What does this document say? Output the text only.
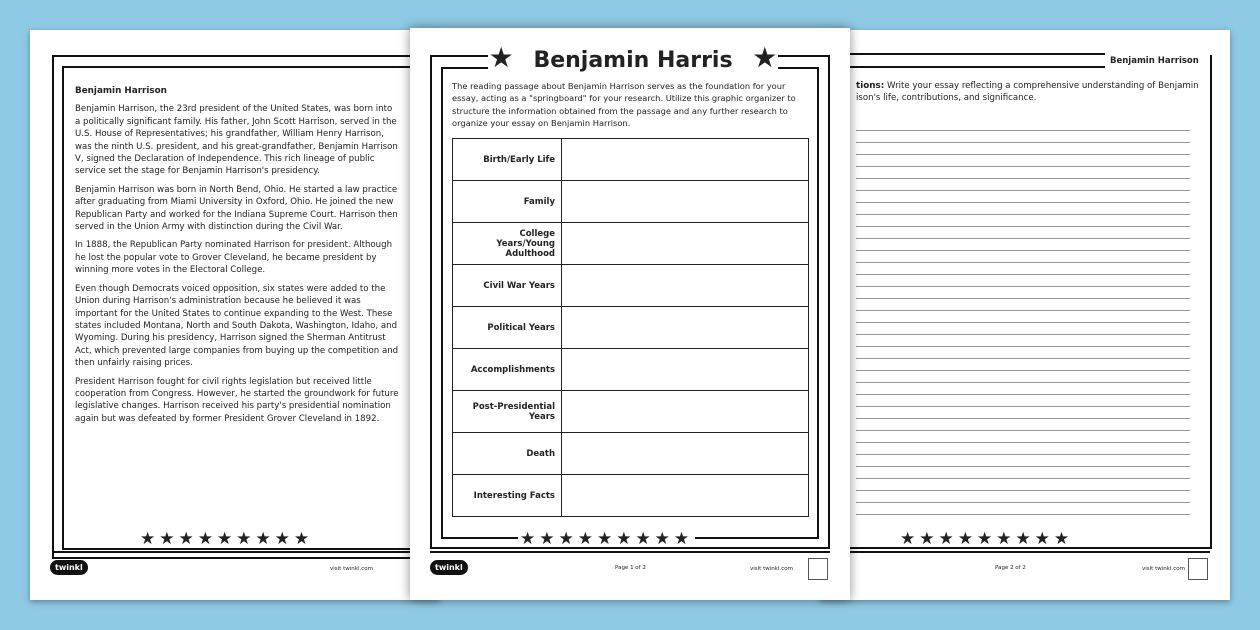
Benjamin Harrison

Benjamin Harrison, the 23rd president of the United States, was born into a politically significant family. His father, John Scott Harrison, served in the U.S. House of Representatives; his grandfather, William Henry Harrison, was the ninth U.S. president, and his great-grandfather, Benjamin Harrison V, signed the Declaration of Independence. This rich lineage of public service set the stage for Benjamin Harrison's presidency.

Benjamin Harrison was born in North Bend, Ohio. He started a law practice after graduating from Miami University in Oxford, Ohio. He joined the new Republican Party and worked for the Indiana Supreme Court. Harrison then served in the Union Army with distinction during the Civil War.

In 1888, the Republican Party nominated Harrison for president. Although he lost the popular vote to Grover Cleveland, he became president by winning more votes in the Electoral College.

Even though Democrats voiced opposition, six states were added to the Union during Harrison's administration because he believed it was important for the United States to continue expanding to the West. These states included Montana, North and South Dakota, Washington, Idaho, and Wyoming. During his presidency, Harrison signed the Sherman Antitrust Act, which prevented large companies from buying up the competition and then unfairly raising prices.

President Harrison fought for civil rights legislation but received little cooperation from Congress. However, he started the groundwork for future legislative changes. Harrison received his party's presidential nomination again but was defeated by former President Grover Cleveland in 1892.

★★★★★★★★★
twinkl	visit twinkl.com
Benjamin Harrison
tions: Write your essay reflecting a comprehensive understanding of Benjamin
ison's life, contributions, and significance.
★★★★★★★★★
Page 2 of 2	visit twinkl.com
★ Benjamin Harris ★
The reading passage about Benjamin Harrison serves as the foundation for your essay, acting as a "springboard" for your research. Utilize this graphic organizer to structure the information obtained from the passage and any further research to organize your essay on Benjamin Harrison.
Birth/Early Life	
Family	
College Years/Young Adulthood	
Civil War Years	
Political Years	
Accomplishments	
Post-Presidential Years	
Death	
Interesting Facts	
★★★★★★★★★
twinkl	Page 1 of 2	visit twinkl.com
